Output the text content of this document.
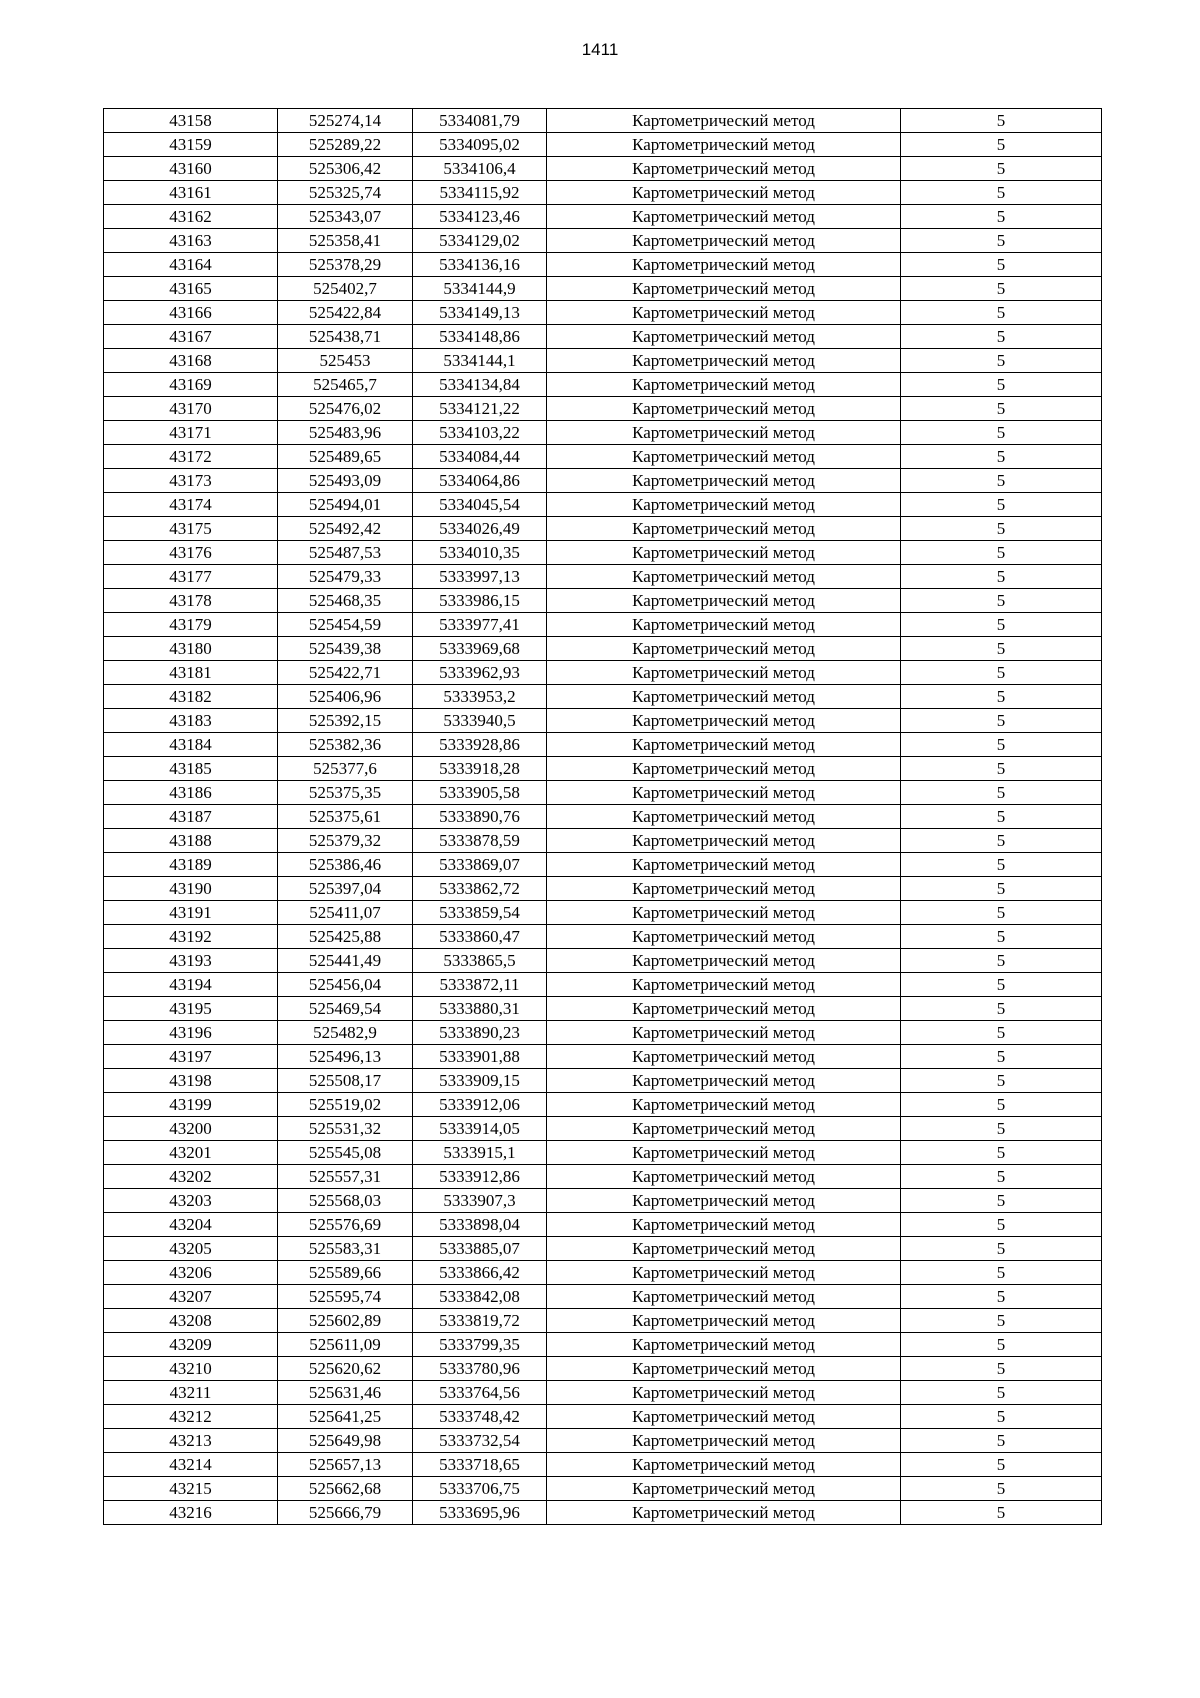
1411
43158	525274,14	5334081,79	Картометрический метод	5
43159	525289,22	5334095,02	Картометрический метод	5
43160	525306,42	5334106,4	Картометрический метод	5
43161	525325,74	5334115,92	Картометрический метод	5
43162	525343,07	5334123,46	Картометрический метод	5
43163	525358,41	5334129,02	Картометрический метод	5
43164	525378,29	5334136,16	Картометрический метод	5
43165	525402,7	5334144,9	Картометрический метод	5
43166	525422,84	5334149,13	Картометрический метод	5
43167	525438,71	5334148,86	Картометрический метод	5
43168	525453	5334144,1	Картометрический метод	5
43169	525465,7	5334134,84	Картометрический метод	5
43170	525476,02	5334121,22	Картометрический метод	5
43171	525483,96	5334103,22	Картометрический метод	5
43172	525489,65	5334084,44	Картометрический метод	5
43173	525493,09	5334064,86	Картометрический метод	5
43174	525494,01	5334045,54	Картометрический метод	5
43175	525492,42	5334026,49	Картометрический метод	5
43176	525487,53	5334010,35	Картометрический метод	5
43177	525479,33	5333997,13	Картометрический метод	5
43178	525468,35	5333986,15	Картометрический метод	5
43179	525454,59	5333977,41	Картометрический метод	5
43180	525439,38	5333969,68	Картометрический метод	5
43181	525422,71	5333962,93	Картометрический метод	5
43182	525406,96	5333953,2	Картометрический метод	5
43183	525392,15	5333940,5	Картометрический метод	5
43184	525382,36	5333928,86	Картометрический метод	5
43185	525377,6	5333918,28	Картометрический метод	5
43186	525375,35	5333905,58	Картометрический метод	5
43187	525375,61	5333890,76	Картометрический метод	5
43188	525379,32	5333878,59	Картометрический метод	5
43189	525386,46	5333869,07	Картометрический метод	5
43190	525397,04	5333862,72	Картометрический метод	5
43191	525411,07	5333859,54	Картометрический метод	5
43192	525425,88	5333860,47	Картометрический метод	5
43193	525441,49	5333865,5	Картометрический метод	5
43194	525456,04	5333872,11	Картометрический метод	5
43195	525469,54	5333880,31	Картометрический метод	5
43196	525482,9	5333890,23	Картометрический метод	5
43197	525496,13	5333901,88	Картометрический метод	5
43198	525508,17	5333909,15	Картометрический метод	5
43199	525519,02	5333912,06	Картометрический метод	5
43200	525531,32	5333914,05	Картометрический метод	5
43201	525545,08	5333915,1	Картометрический метод	5
43202	525557,31	5333912,86	Картометрический метод	5
43203	525568,03	5333907,3	Картометрический метод	5
43204	525576,69	5333898,04	Картометрический метод	5
43205	525583,31	5333885,07	Картометрический метод	5
43206	525589,66	5333866,42	Картометрический метод	5
43207	525595,74	5333842,08	Картометрический метод	5
43208	525602,89	5333819,72	Картометрический метод	5
43209	525611,09	5333799,35	Картометрический метод	5
43210	525620,62	5333780,96	Картометрический метод	5
43211	525631,46	5333764,56	Картометрический метод	5
43212	525641,25	5333748,42	Картометрический метод	5
43213	525649,98	5333732,54	Картометрический метод	5
43214	525657,13	5333718,65	Картометрический метод	5
43215	525662,68	5333706,75	Картометрический метод	5
43216	525666,79	5333695,96	Картометрический метод	5
